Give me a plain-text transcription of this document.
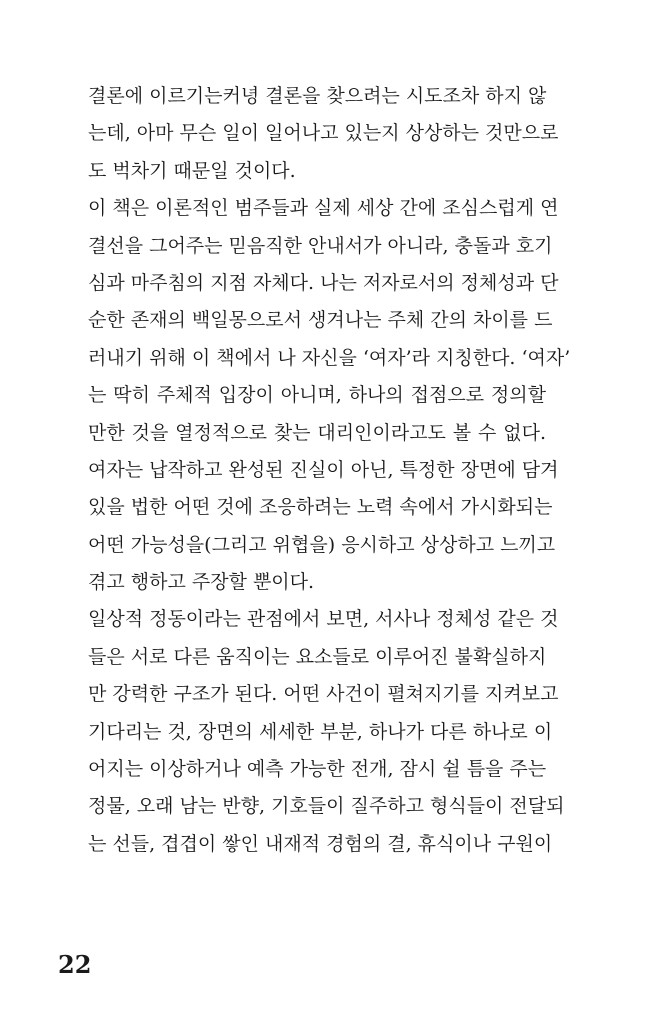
결론에 이르기는커녕 결론을 찾으려는 시도조차 하지 않
는데, 아마 무슨 일이 일어나고 있는지 상상하는 것만으로
도 벅차기 때문일 것이다.
이 책은 이론적인 범주들과 실제 세상 간에 조심스럽게 연
결선을 그어주는 믿음직한 안내서가 아니라, 충돌과 호기
심과 마주침의 지점 자체다. 나는 저자로서의 정체성과 단
순한 존재의 백일몽으로서 생겨나는 주체 간의 차이를 드
러내기 위해 이 책에서 나 자신을 ‘여자’라 지칭한다. ‘여자’
는 딱히 주체적 입장이 아니며, 하나의 접점으로 정의할
만한 것을 열정적으로 찾는 대리인이라고도 볼 수 없다.
여자는 납작하고 완성된 진실이 아닌, 특정한 장면에 담겨
있을 법한 어떤 것에 조응하려는 노력 속에서 가시화되는
어떤 가능성을(그리고 위협을) 응시하고 상상하고 느끼고
겪고 행하고 주장할 뿐이다.
일상적 정동이라는 관점에서 보면, 서사나 정체성 같은 것
들은 서로 다른 움직이는 요소들로 이루어진 불확실하지
만 강력한 구조가 된다. 어떤 사건이 펼쳐지기를 지켜보고
기다리는 것, 장면의 세세한 부분, 하나가 다른 하나로 이
어지는 이상하거나 예측 가능한 전개, 잠시 쉴 틈을 주는
정물, 오래 남는 반향, 기호들이 질주하고 형식들이 전달되
는 선들, 겹겹이 쌓인 내재적 경험의 결, 휴식이나 구원이
22
